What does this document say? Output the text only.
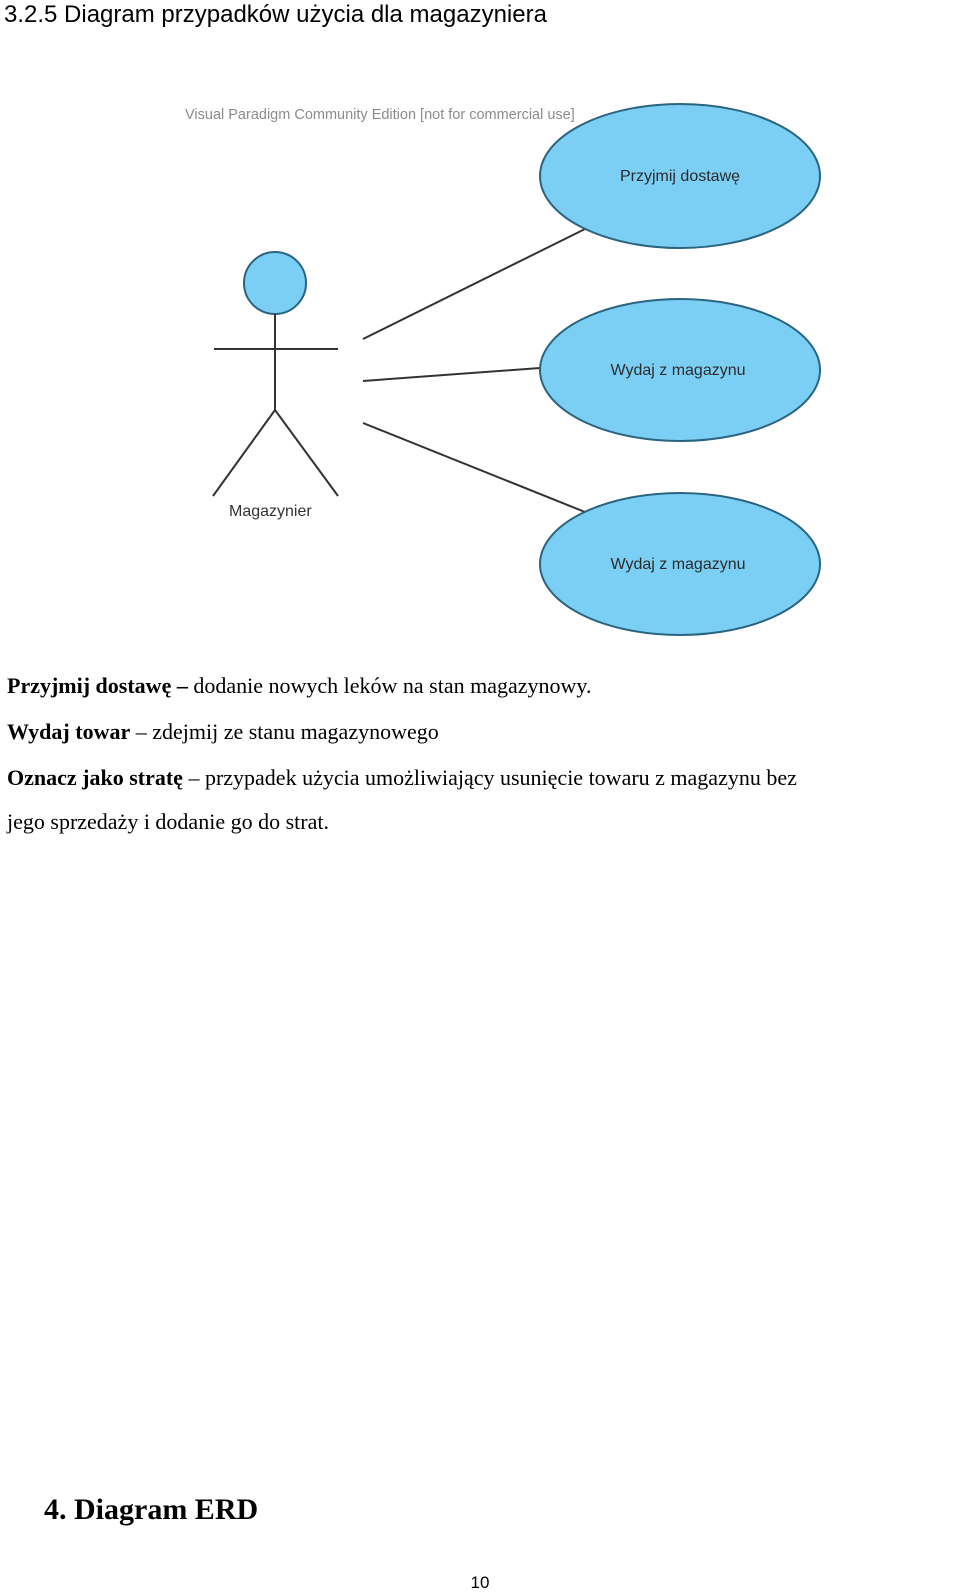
3.2.5 Diagram przypadków użycia dla magazyniera
Visual Paradigm Community Edition [not for commercial use]
Magazynier
Przyjmij dostawę
Wydaj z magazynu
Wydaj z magazynu
Przyjmij dostawę – dodanie nowych leków na stan magazynowy.
Wydaj towar – zdejmij ze stanu magazynowego
Oznacz jako stratę – przypadek użycia umożliwiający usunięcie towaru z magazynu bez
jego sprzedaży i dodanie go do strat.
4. Diagram ERD
10
